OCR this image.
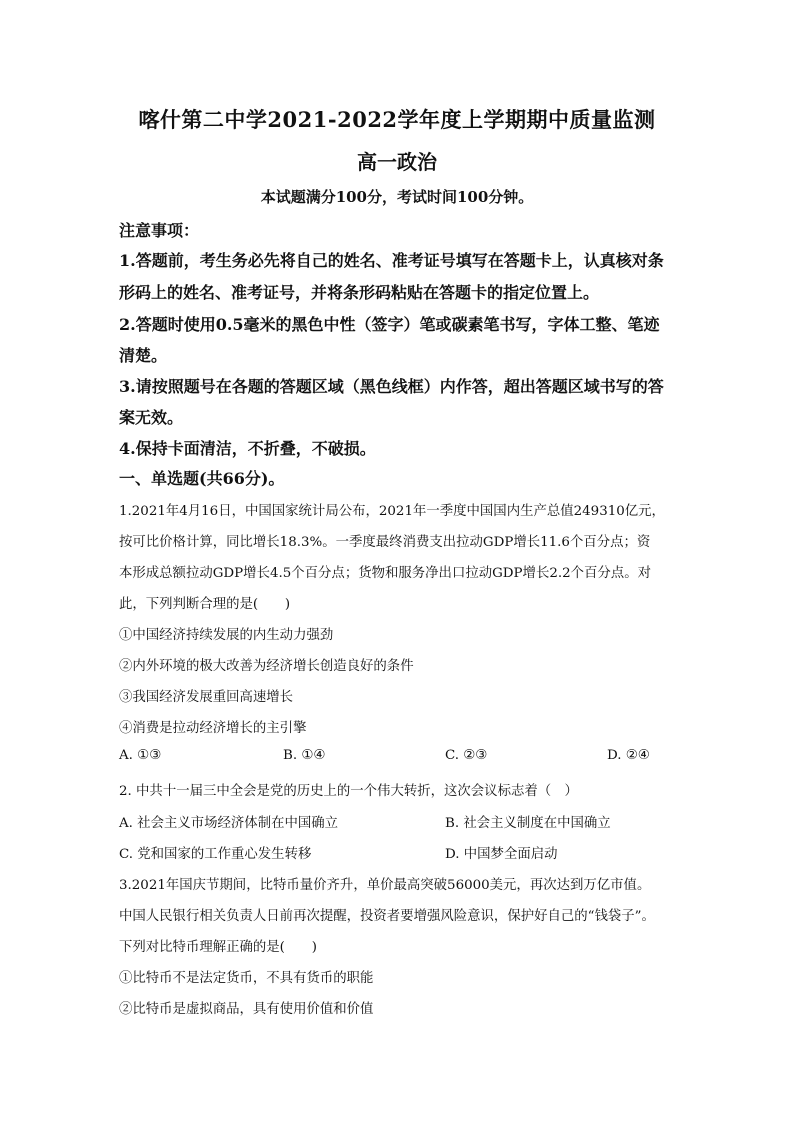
喀什第二中学2021-2022学年度上学期期中质量监测
高一政治
本试题满分100分，考试时间100分钟。
注意事项：
1.答题前，考生务必先将自己的姓名、准考证号填写在答题卡上，认真核对条
形码上的姓名、准考证号，并将条形码粘贴在答题卡的指定位置上。
2.答题时使用0.5毫米的黑色中性（签字）笔或碳素笔书写，字体工整、笔迹
清楚。
3.请按照题号在各题的答题区域（黑色线框）内作答，超出答题区域书写的答
案无效。
4.保持卡面清洁，不折叠，不破损。
一、单选题(共66分)。
1.2021年4月16日，中国国家统计局公布，2021年一季度中国国内生产总值249310亿元，
按可比价格计算，同比增长18.3%。一季度最终消费支出拉动GDP增长11.6个百分点；资
本形成总额拉动GDP增长4.5个百分点；货物和服务净出口拉动GDP增长2.2个百分点。对
此，下列判断合理的是(　　)
①中国经济持续发展的内生动力强劲
②内外环境的极大改善为经济增长创造良好的条件
③我国经济发展重回高速增长
④消费是拉动经济增长的主引擎
A. ①③	B. ①④	C. ②③	D. ②④
2. 中共十一届三中全会是党的历史上的一个伟大转折，这次会议标志着（　）
A. 社会主义市场经济体制在中国确立	B. 社会主义制度在中国确立
C. 党和国家的工作重心发生转移	D. 中国梦全面启动
3.2021年国庆节期间，比特币量价齐升，单价最高突破56000美元，再次达到万亿市值。
中国人民银行相关负责人日前再次提醒，投资者要增强风险意识，保护好自己的“钱袋子”。
下列对比特币理解正确的是(　　)
①比特币不是法定货币，不具有货币的职能
②比特币是虚拟商品，具有使用价值和价值
